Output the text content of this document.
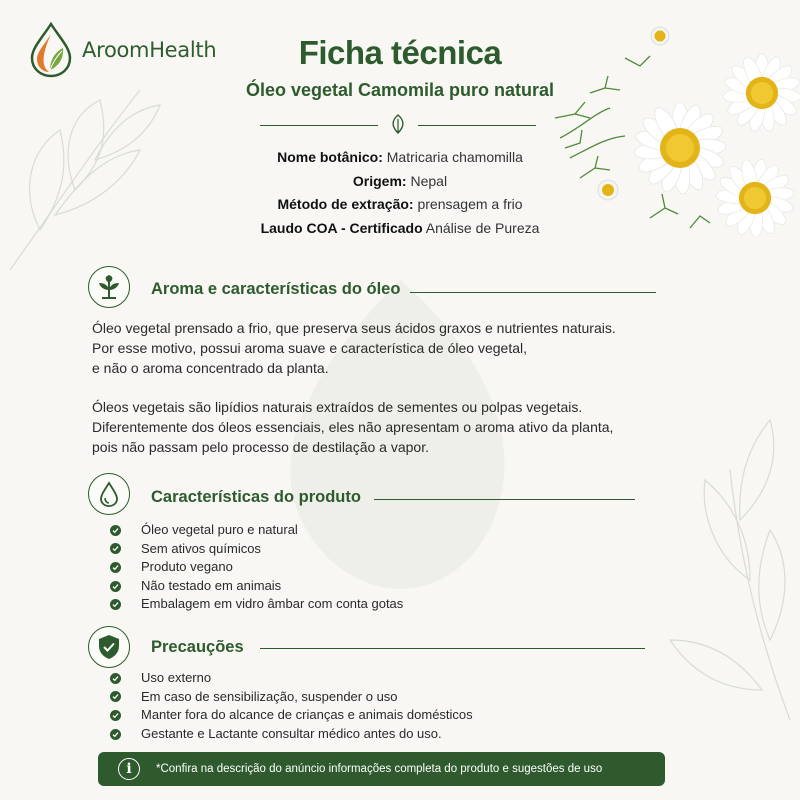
AroomHealth	Ficha técnica
Óleo vegetal Camomila puro natural
Nome botânico: Matricaria chamomilla
Origem: Nepal
Método de extração: prensagem a frio
Laudo COA - Certificado Análise de Pureza
Aroma e características do óleo

Óleo vegetal prensado a frio, que preserva seus ácidos graxos e nutrientes naturais.

Por esse motivo, possui aroma suave e característica de óleo vegetal,

e não o aroma concentrado da planta.

Óleos vegetais são lipídios naturais extraídos de sementes ou polpas vegetais.

Diferentemente dos óleos essenciais, eles não apresentam o aroma ativo da planta,

pois não passam pelo processo de destilação a vapor.

Características do produto
Óleo vegetal puro e natural
Sem ativos químicos
Produto vegano
Não testado em animais
Embalagem em vidro âmbar com conta gotas
Precauções
Uso externo
Em caso de sensibilização, suspender o uso
Manter fora do alcance de crianças e animais domésticos
Gestante e Lactante consultar médico antes do uso.
i	*Confira na descrição do anúncio informações completa do produto e sugestões de uso
